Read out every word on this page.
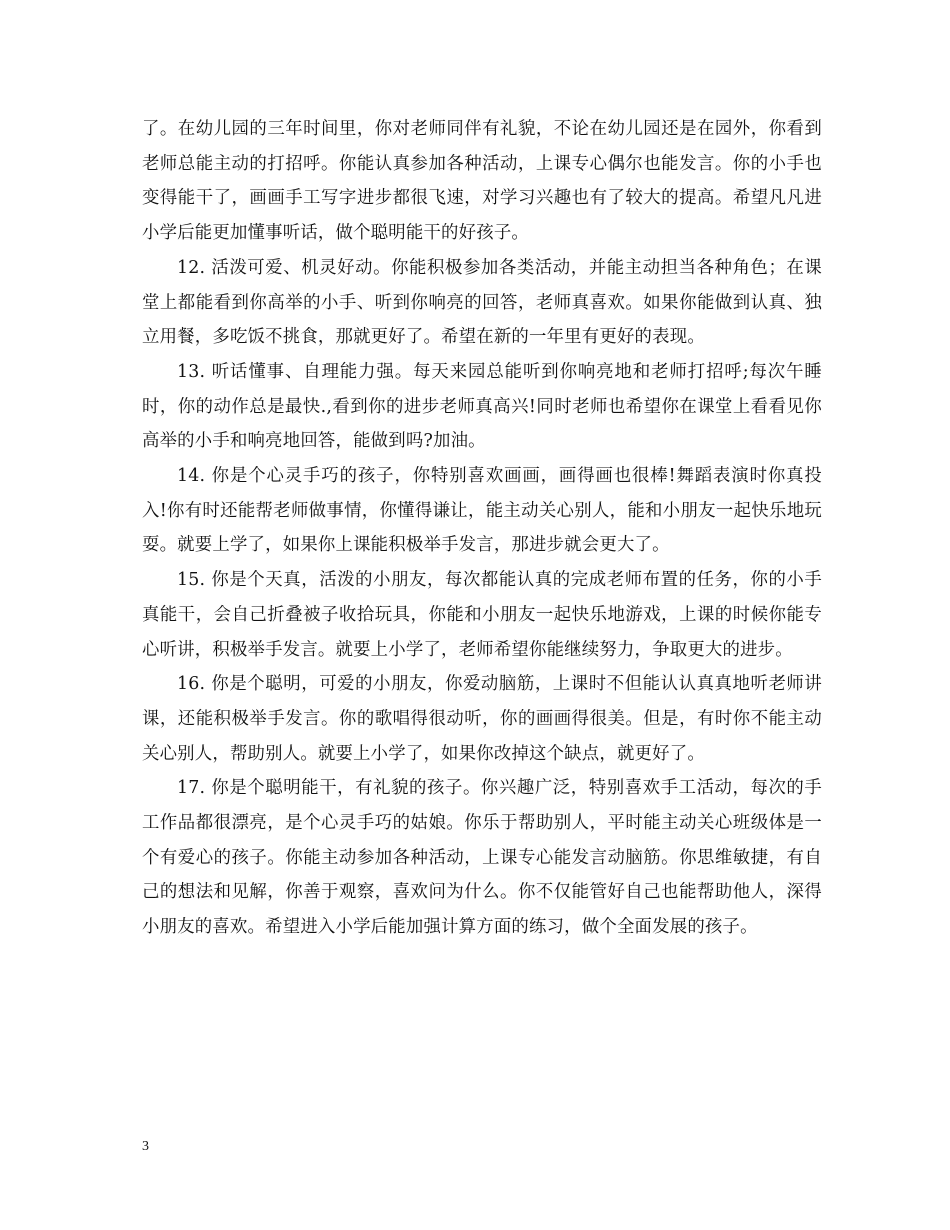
了。在幼儿园的三年时间里，你对老师同伴有礼貌，不论在幼儿园还是在园外，你看到老师总能主动的打招呼。你能认真参加各种活动，上课专心偶尔也能发言。你的小手也变得能干了，画画手工写字进步都很飞速，对学习兴趣也有了较大的提高。希望凡凡进小学后能更加懂事听话，做个聪明能干的好孩子。

12. 活泼可爱、机灵好动。你能积极参加各类活动，并能主动担当各种角色；在课堂上都能看到你高举的小手、听到你响亮的回答，老师真喜欢。如果你能做到认真、独立用餐，多吃饭不挑食，那就更好了。希望在新的一年里有更好的表现。

13. 听话懂事、自理能力强。每天来园总能听到你响亮地和老师打招呼;每次午睡时，你的动作总是最快.,看到你的进步老师真高兴!同时老师也希望你在课堂上看看见你高举的小手和响亮地回答，能做到吗?加油。

14. 你是个心灵手巧的孩子，你特别喜欢画画，画得画也很棒!舞蹈表演时你真投入!你有时还能帮老师做事情，你懂得谦让，能主动关心别人，能和小朋友一起快乐地玩耍。就要上学了，如果你上课能积极举手发言，那进步就会更大了。

15. 你是个天真，活泼的小朋友，每次都能认真的完成老师布置的任务，你的小手真能干，会自己折叠被子收拾玩具，你能和小朋友一起快乐地游戏，上课的时候你能专心听讲，积极举手发言。就要上小学了，老师希望你能继续努力，争取更大的进步。

16. 你是个聪明，可爱的小朋友，你爱动脑筋，上课时不但能认认真真地听老师讲课，还能积极举手发言。你的歌唱得很动听，你的画画得很美。但是，有时你不能主动关心别人，帮助别人。就要上小学了，如果你改掉这个缺点，就更好了。

17. 你是个聪明能干，有礼貌的孩子。你兴趣广泛，特别喜欢手工活动，每次的手工作品都很漂亮，是个心灵手巧的姑娘。你乐于帮助别人，平时能主动关心班级体是一个有爱心的孩子。你能主动参加各种活动，上课专心能发言动脑筋。你思维敏捷，有自己的想法和见解，你善于观察，喜欢问为什么。你不仅能管好自己也能帮助他人，深得小朋友的喜欢。希望进入小学后能加强计算方面的练习，做个全面发展的孩子。

3
